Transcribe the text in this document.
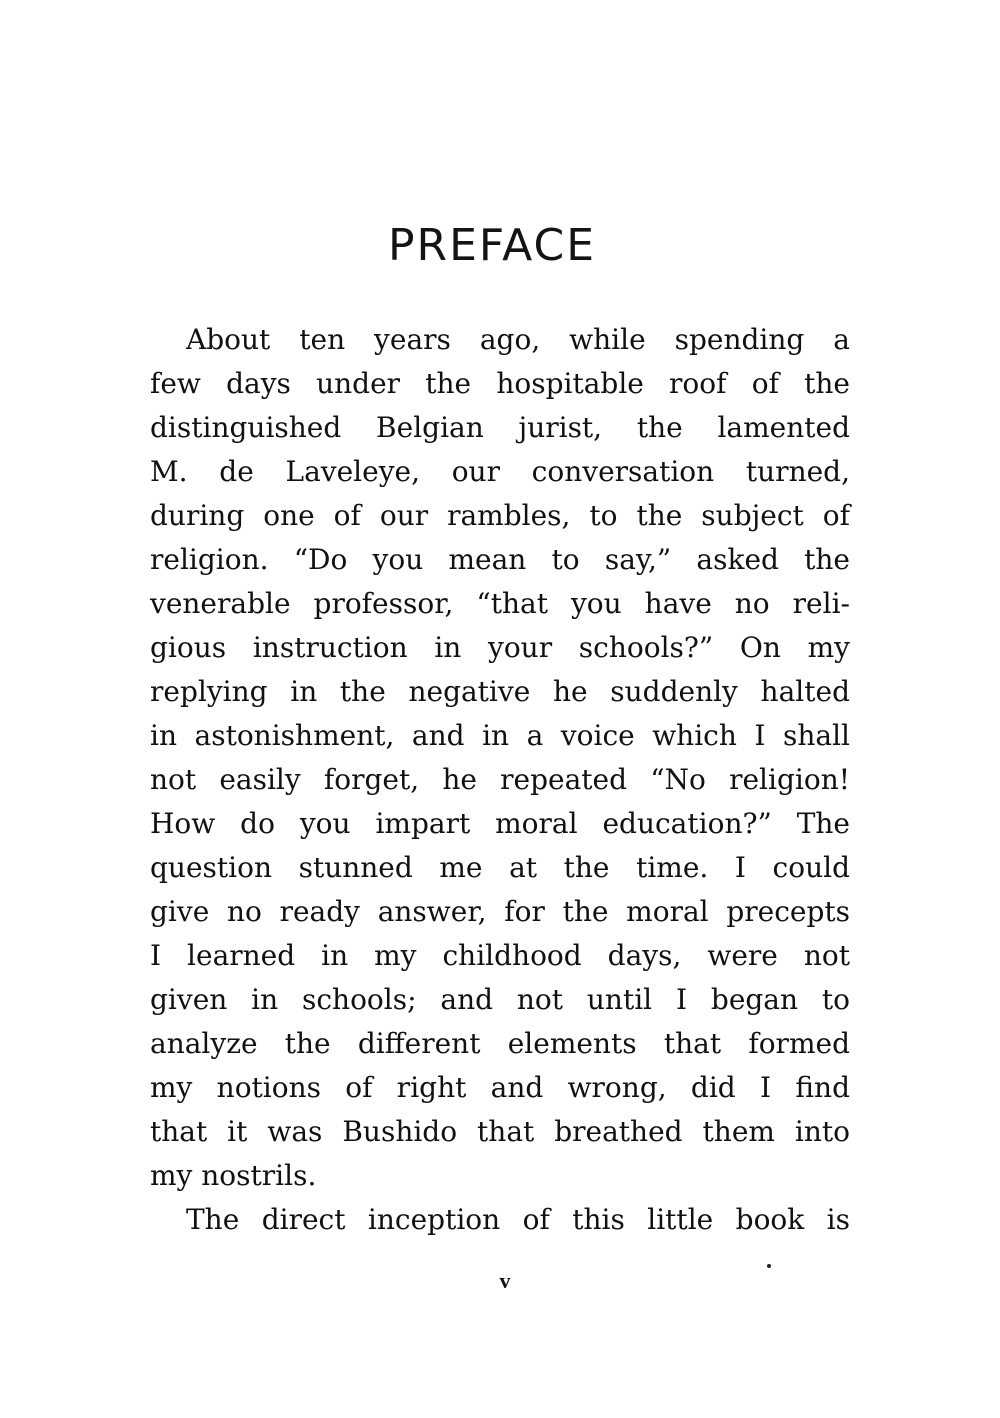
PREFACE
About ten years ago, while spending a
few days under the hospitable roof of the
distinguished Belgian jurist, the lamented
M. de Laveleye, our conversation turned,
during one of our rambles, to the subject of
religion. “Do you mean to say,” asked the
venerable professor, “that you have no reli-
gious instruction in your schools?” On my
replying in the negative he suddenly halted
in astonishment, and in a voice which I shall
not easily forget, he repeated “No religion!
How do you impart moral education?” The
question stunned me at the time. I could
give no ready answer, for the moral precepts
I learned in my childhood days, were not
given in schools; and not until I began to
analyze the different elements that formed
my notions of right and wrong, did I find
that it was Bushido that breathed them into
my nostrils.
The direct inception of this little book is
v
